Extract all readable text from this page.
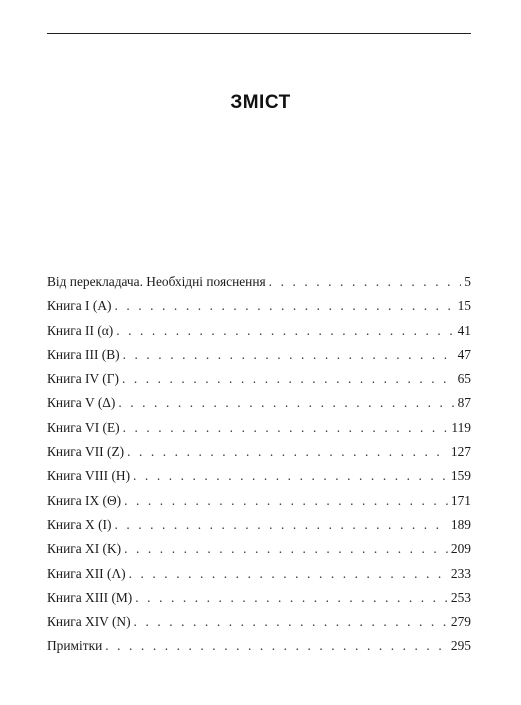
ЗМІСТ
Від перекладача. Необхідні пояснення . . .	5
Книга I (A) . . .	15
Книга II (α) . . .	41
Книга III (B) . . .	47
Книга IV (Γ) . . .	65
Книга V (Δ) . . .	87
Книга VI (E) . . .	119
Книга VII (Z) . . .	127
Книга VIII (H) . . .	159
Книга IX (Θ) . . .	171
Книга X (I) . . .	189
Книга XI (K) . . .	209
Книга XII (Λ) . . .	233
Книга XIII (M) . . .	253
Книга XIV (N) . . .	279
Примітки . . .	295
